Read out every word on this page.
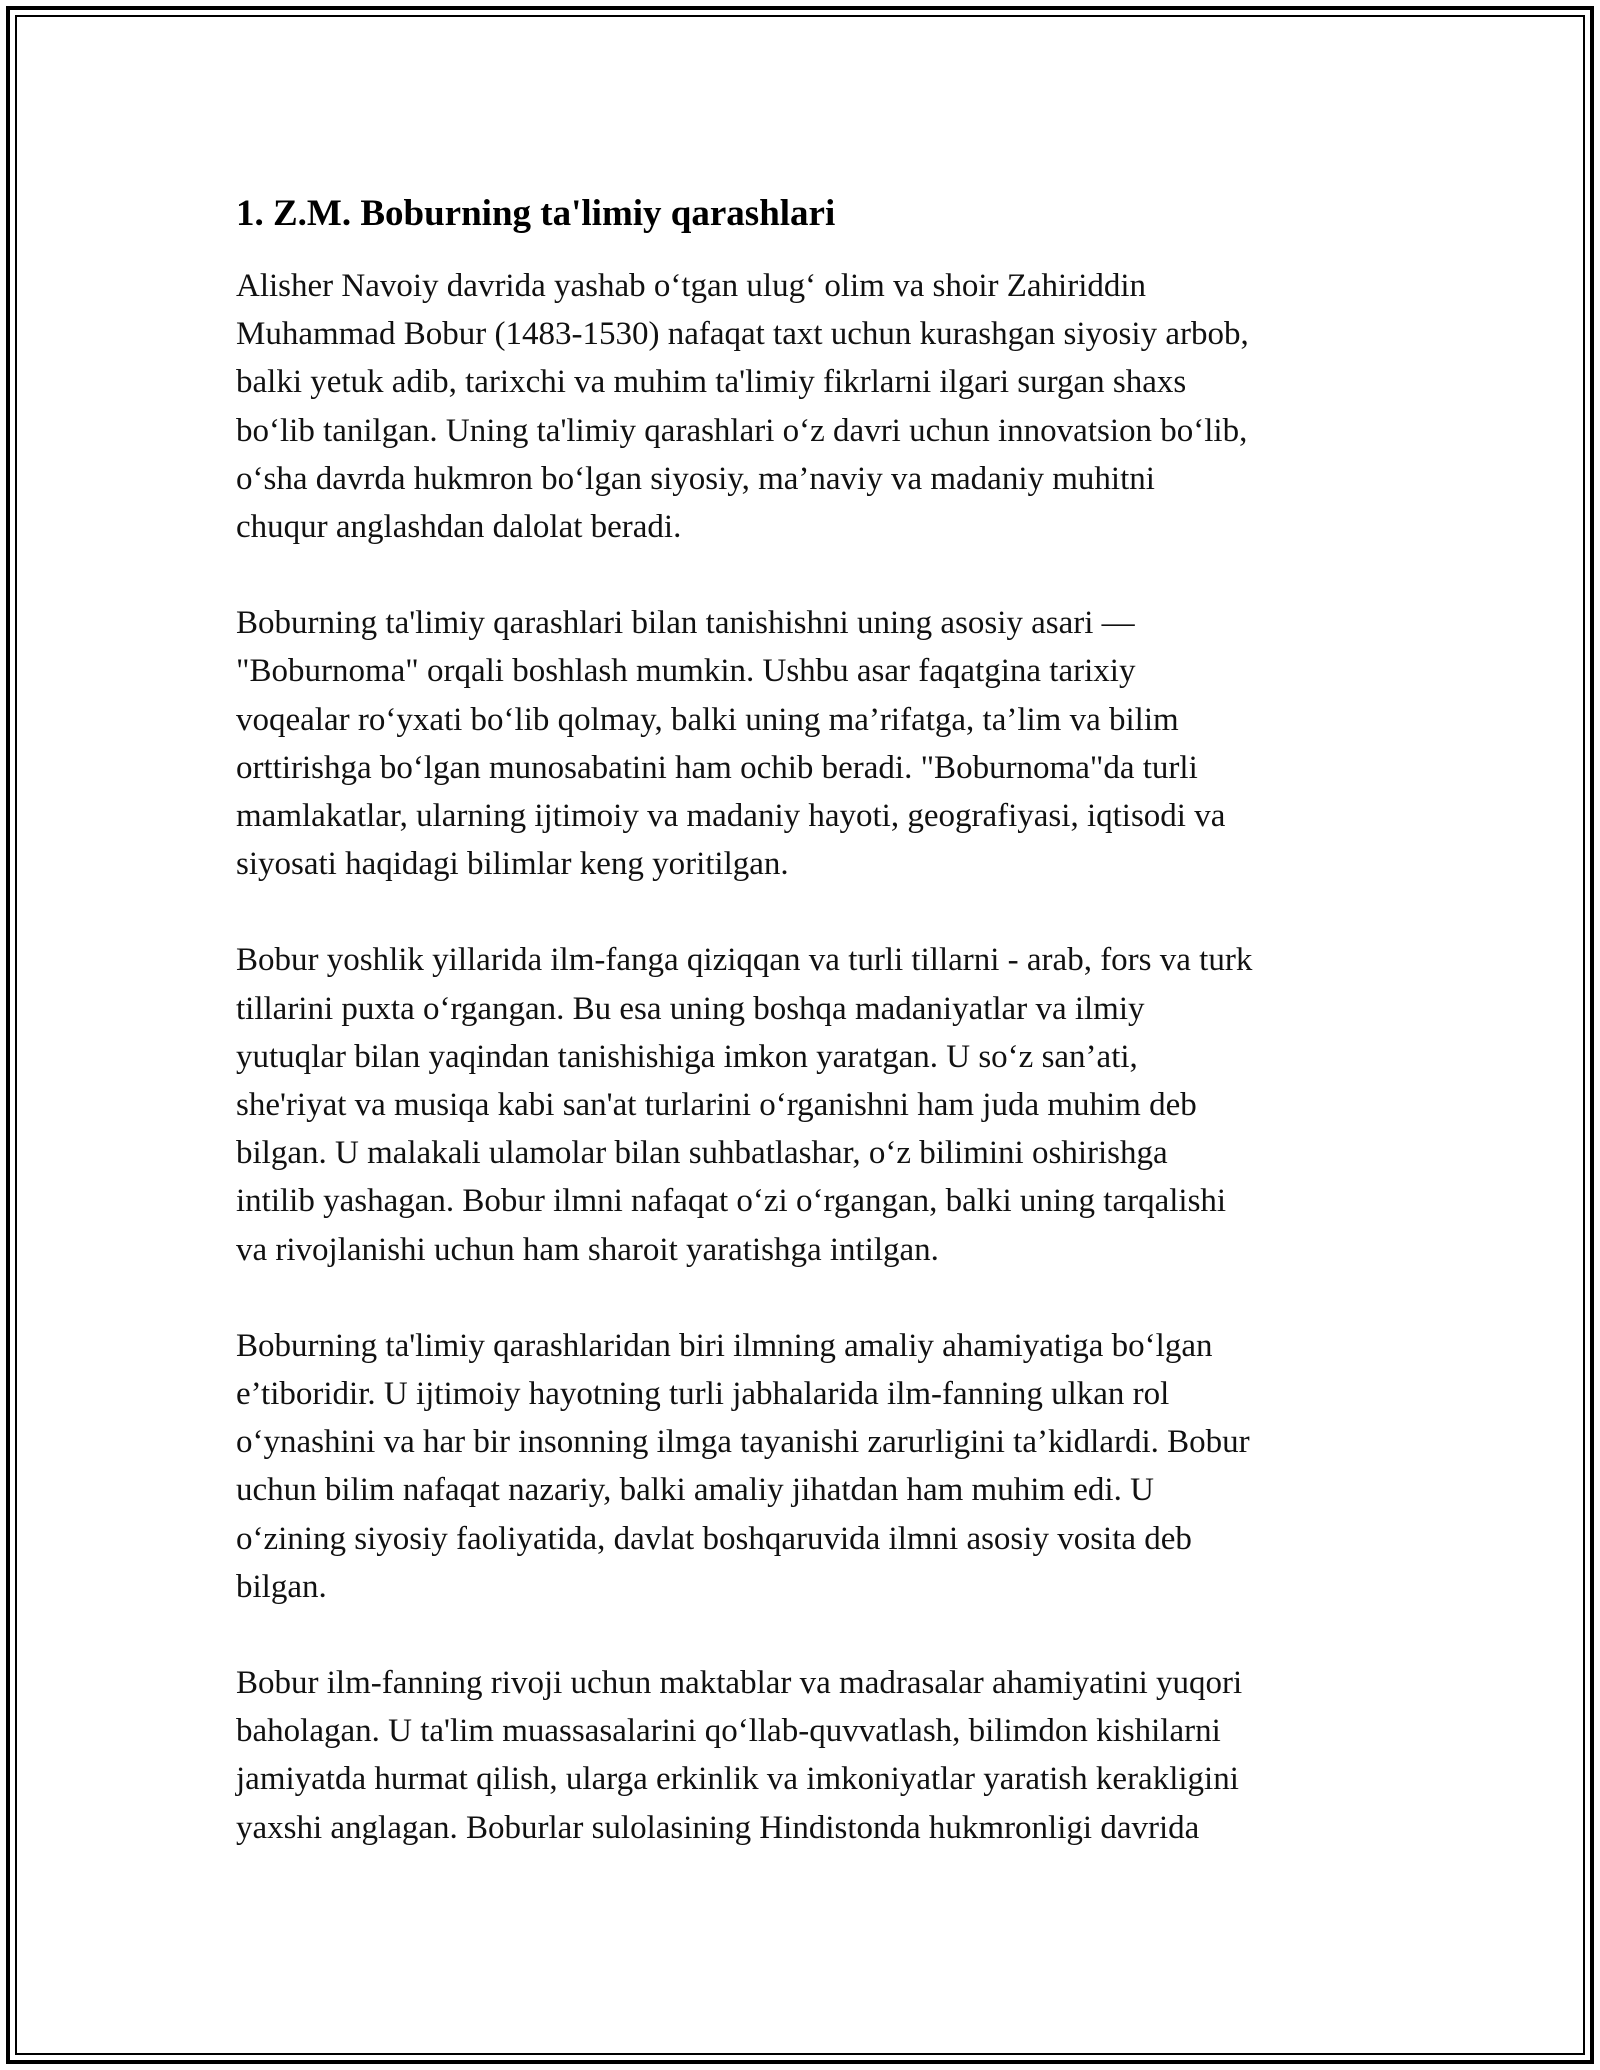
1. Z.M. Boburning ta'limiy qarashlari
Alisher Navoiy davrida yashab o‘tgan ulug‘ olim va shoir Zahiriddin
Muhammad Bobur (1483-1530) nafaqat taxt uchun kurashgan siyosiy arbob,
balki yetuk adib, tarixchi va muhim ta'limiy fikrlarni ilgari surgan shaxs
bo‘lib tanilgan. Uning ta'limiy qarashlari o‘z davri uchun innovatsion bo‘lib,
o‘sha davrda hukmron bo‘lgan siyosiy, ma’naviy va madaniy muhitni
chuqur anglashdan dalolat beradi.
Boburning ta'limiy qarashlari bilan tanishishni uning asosiy asari —
"Boburnoma" orqali boshlash mumkin. Ushbu asar faqatgina tarixiy
voqealar ro‘yxati bo‘lib qolmay, balki uning ma’rifatga, ta’lim va bilim
orttirishga bo‘lgan munosabatini ham ochib beradi. "Boburnoma"da turli
mamlakatlar, ularning ijtimoiy va madaniy hayoti, geografiyasi, iqtisodi va
siyosati haqidagi bilimlar keng yoritilgan.
Bobur yoshlik yillarida ilm-fanga qiziqqan va turli tillarni - arab, fors va turk
tillarini puxta o‘rgangan. Bu esa uning boshqa madaniyatlar va ilmiy
yutuqlar bilan yaqindan tanishishiga imkon yaratgan. U so‘z san’ati,
she'riyat va musiqa kabi san'at turlarini o‘rganishni ham juda muhim deb
bilgan. U malakali ulamolar bilan suhbatlashar, o‘z bilimini oshirishga
intilib yashagan. Bobur ilmni nafaqat o‘zi o‘rgangan, balki uning tarqalishi
va rivojlanishi uchun ham sharoit yaratishga intilgan.
Boburning ta'limiy qarashlaridan biri ilmning amaliy ahamiyatiga bo‘lgan
e’tiboridir. U ijtimoiy hayotning turli jabhalarida ilm-fanning ulkan rol
o‘ynashini va har bir insonning ilmga tayanishi zarurligini ta’kidlardi. Bobur
uchun bilim nafaqat nazariy, balki amaliy jihatdan ham muhim edi. U
o‘zining siyosiy faoliyatida, davlat boshqaruvida ilmni asosiy vosita deb
bilgan.
Bobur ilm-fanning rivoji uchun maktablar va madrasalar ahamiyatini yuqori
baholagan. U ta'lim muassasalarini qo‘llab-quvvatlash, bilimdon kishilarni
jamiyatda hurmat qilish, ularga erkinlik va imkoniyatlar yaratish kerakligini
yaxshi anglagan. Boburlar sulolasining Hindistonda hukmronligi davrida
